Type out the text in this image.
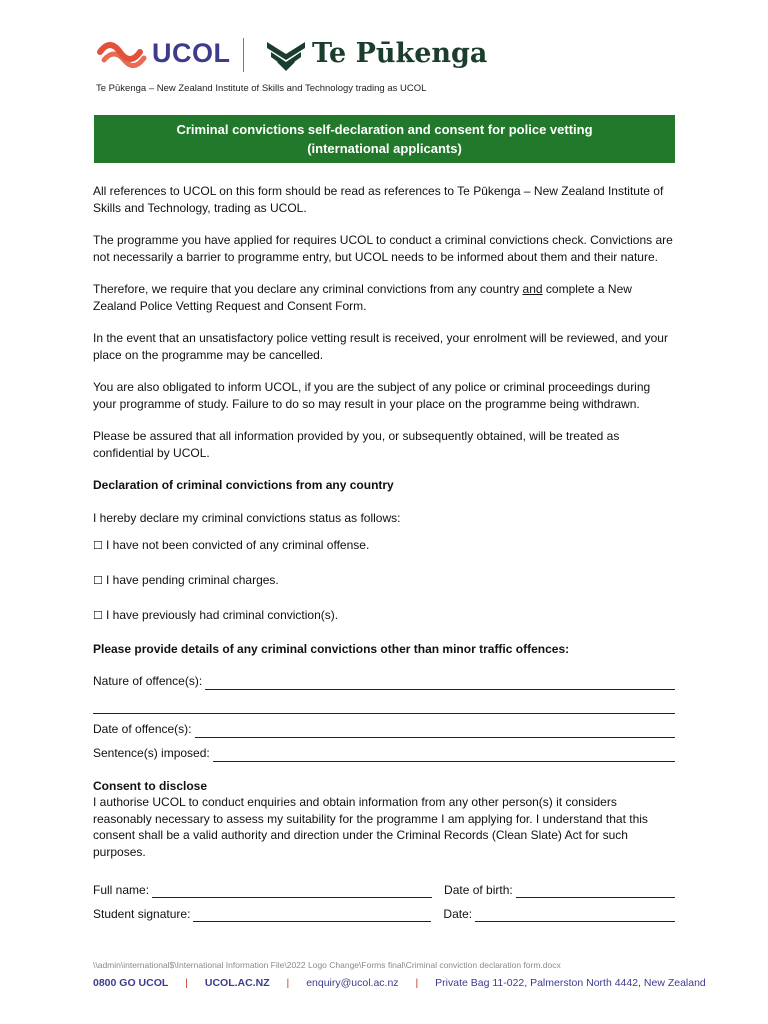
UCOL	Te Pūkenga
Te Pūkenga – New Zealand Institute of Skills and Technology trading as UCOL
Criminal convictions self-declaration and consent for police vetting
(international applicants)

All references to UCOL on this form should be read as references to Te Pūkenga – New Zealand Institute of Skills and Technology, trading as UCOL.

The programme you have applied for requires UCOL to conduct a criminal convictions check. Convictions are not necessarily a barrier to programme entry, but UCOL needs to be informed about them and their nature.

Therefore, we require that you declare any criminal convictions from any country and complete a New Zealand Police Vetting Request and Consent Form.

In the event that an unsatisfactory police vetting result is received, your enrolment will be reviewed, and your place on the programme may be cancelled.

You are also obligated to inform UCOL, if you are the subject of any police or criminal proceedings during your programme of study. Failure to do so may result in your place on the programme being withdrawn.

Please be assured that all information provided by you, or subsequently obtained, will be treated as confidential by UCOL.

Declaration of criminal convictions from any country

I hereby declare my criminal convictions status as follows:

☐ I have not been convicted of any criminal offense.

☐ I have pending criminal charges.

☐ I have previously had criminal conviction(s).

Please provide details of any criminal convictions other than minor traffic offences:

Nature of offence(s):
Date of offence(s):
Sentence(s) imposed:

Consent to disclose

I authorise UCOL to conduct enquiries and obtain information from any other person(s) it considers reasonably necessary to assess my suitability for the programme I am applying for. I understand that this consent shall be a valid authority and direction under the Criminal Records (Clean Slate) Act for such purposes.

Full name:	Date of birth:
Student signature:	Date:
\\admin\international$\International Information File\2022 Logo Change\Forms final\Criminal conviction declaration form.docx
0800 GO UCOL | UCOL.AC.NZ | enquiry@ucol.ac.nz | Private Bag 11-022, Palmerston North 4442, New Zealand
